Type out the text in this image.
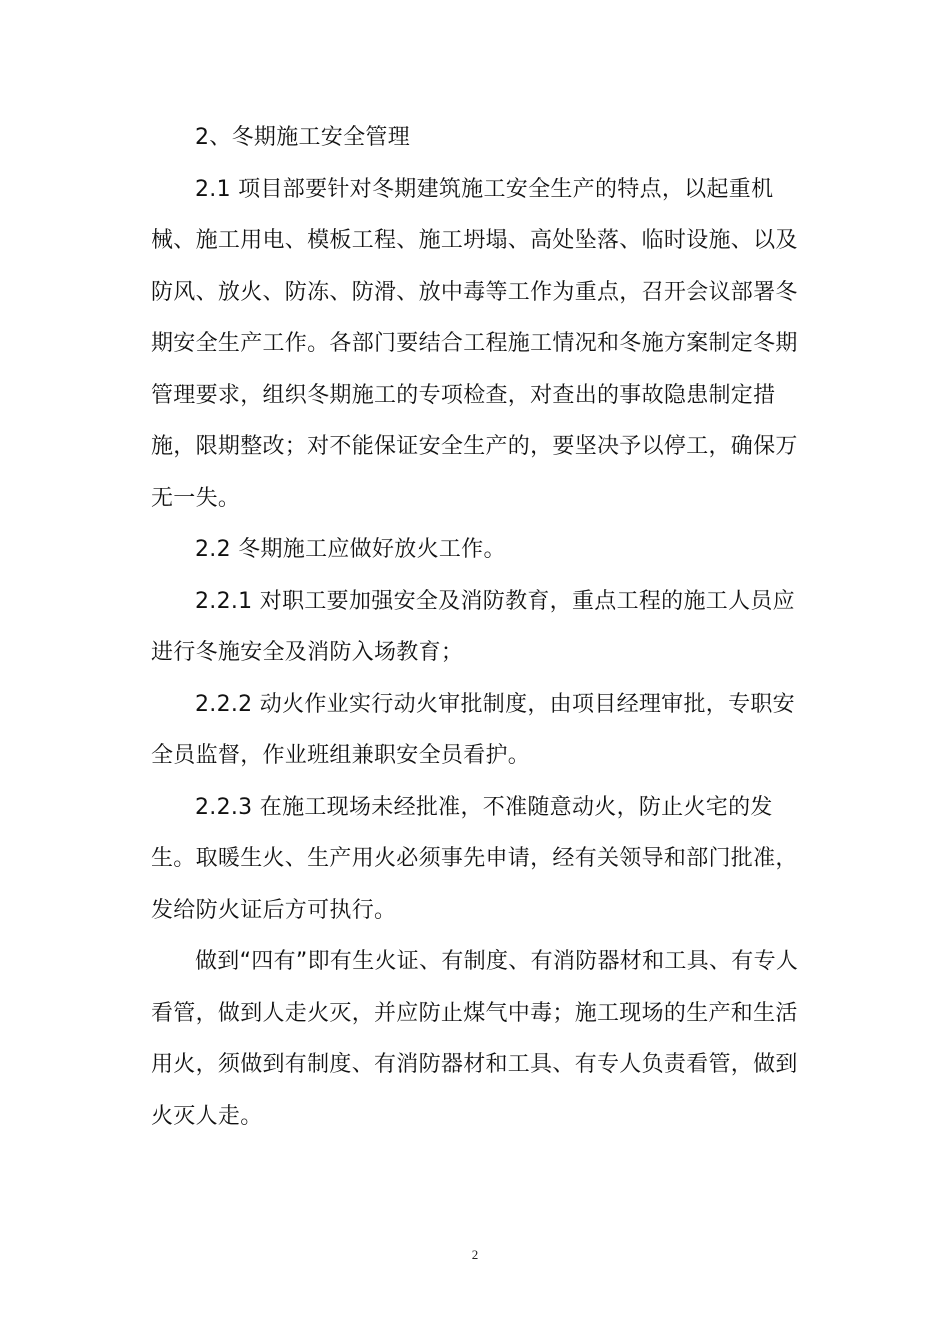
2、冬期施工安全管理

2.1 项目部要针对冬期建筑施工安全生产的特点，以起重机
械、施工用电、模板工程、施工坍塌、高处坠落、临时设施、以及
防风、放火、防冻、防滑、放中毒等工作为重点，召开会议部署冬
期安全生产工作。各部门要结合工程施工情况和冬施方案制定冬期
管理要求，组织冬期施工的专项检查，对查出的事故隐患制定措
施，限期整改；对不能保证安全生产的，要坚决予以停工，确保万
无一失。

2.2 冬期施工应做好放火工作。

2.2.1 对职工要加强安全及消防教育，重点工程的施工人员应
进行冬施安全及消防入场教育；

2.2.2 动火作业实行动火审批制度，由项目经理审批，专职安
全员监督，作业班组兼职安全员看护。

2.2.3 在施工现场未经批准，不准随意动火，防止火宅的发
生。取暖生火、生产用火必须事先申请，经有关领导和部门批准，
发给防火证后方可执行。

做到“四有”即有生火证、有制度、有消防器材和工具、有专人
看管，做到人走火灭，并应防止煤气中毒；施工现场的生产和生活
用火，须做到有制度、有消防器材和工具、有专人负责看管，做到
火灭人走。

2
